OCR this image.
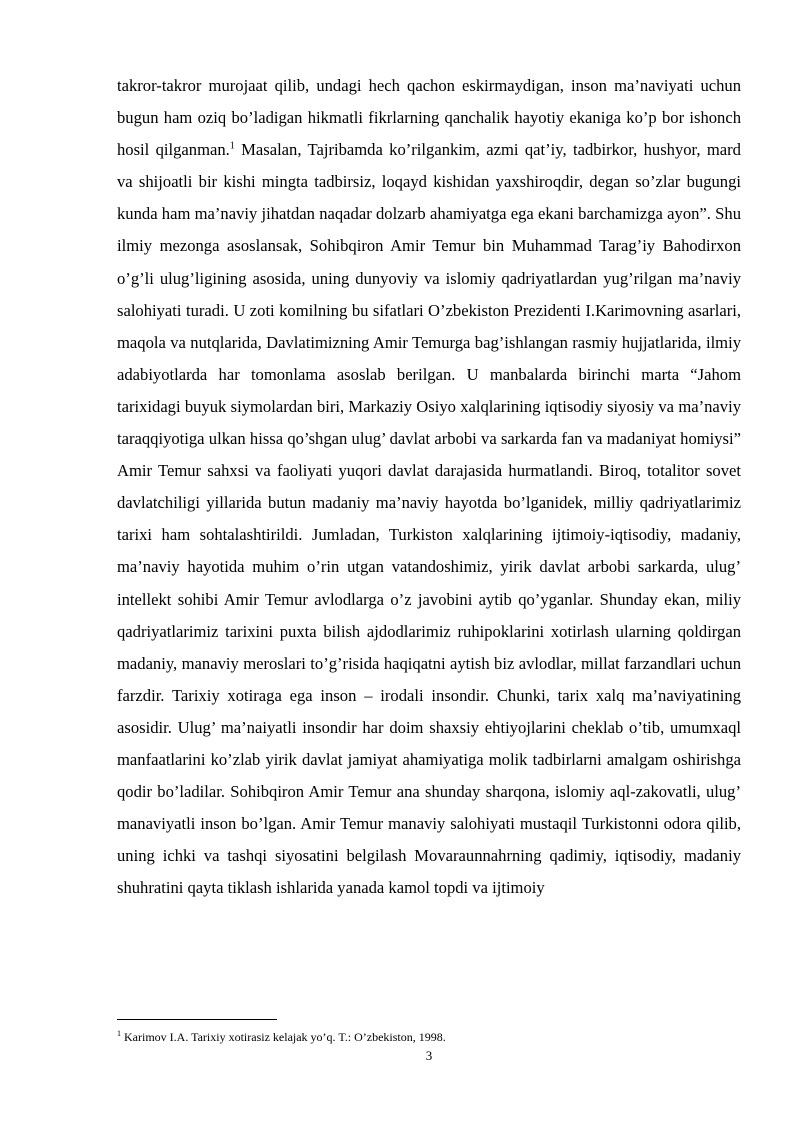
takror-takror murojaat qilib, undagi hech qachon eskirmaydigan, inson ma’naviyati uchun bugun ham oziq bo’ladigan hikmatli fikrlarning qanchalik hayotiy ekaniga ko’p bor ishonch hosil qilganman.$^1$ Masalan, Tajribamda ko’rilgankim, azmi qat’iy, tadbirkor, hushyor, mard va shijoatli bir kishi mingta tadbirsiz, loqayd kishidan yaxshiroqdir, degan so’zlar bugungi kunda ham ma’naviy jihatdan naqadar dolzarb ahamiyatga ega ekani barchamizga ayon”. Shu ilmiy mezonga asoslansak, Sohibqiron Amir Temur bin Muhammad Tarag’iy Bahodirxon o’g’li ulug’ligining asosida, uning dunyoviy va islomiy qadriyatlardan yug’rilgan ma’naviy salohiyati turadi. U zoti komilning bu sifatlari O’zbekiston Prezidenti I.Karimovning asarlari, maqola va nutqlarida, Davlatimizning Amir Temurga bag’ishlangan rasmiy hujjatlarida, ilmiy adabiyotlarda har tomonlama asoslab berilgan. U manbalarda birinchi marta “Jahom tarixidagi buyuk siymolardan biri, Markaziy Osiyo xalqlarining iqtisodiy siyosiy va ma’naviy taraqqiyotiga ulkan hissa qo’shgan ulug’ davlat arbobi va sarkarda fan va madaniyat homiysi” Amir Temur sahxsi va faoliyati yuqori davlat darajasida hurmatlandi. Biroq, totalitor sovet davlatchiligi yillarida butun madaniy ma’naviy hayotda bo’lganidek, milliy qadriyatlarimiz tarixi ham sohtalashtirildi. Jumladan, Turkiston xalqlarining ijtimoiy-iqtisodiy, madaniy, ma’naviy hayotida muhim o’rin utgan vatandoshimiz, yirik davlat arbobi sarkarda, ulug’ intellekt sohibi Amir Temur avlodlarga o’z javobini aytib qo’yganlar. Shunday ekan, miliy qadriyatlarimiz tarixini puxta bilish ajdodlarimiz ruhipoklarini xotirlash ularning qoldirgan madaniy, manaviy meroslari to’g’risida haqiqatni aytish biz avlodlar, millat farzandlari uchun farzdir. Tarixiy xotiraga ega inson – irodali insondir. Chunki, tarix xalq ma’naviyatining asosidir. Ulug’ ma’naiyatli insondir har doim shaxsiy ehtiyojlarini cheklab o’tib, umumxaql manfaatlarini ko’zlab yirik davlat jamiyat ahamiyatiga molik tadbirlarni amalgam oshirishga qodir bo’ladilar. Sohibqiron Amir Temur ana shunday sharqona, islomiy aql-zakovatli, ulug’ manaviyatli inson bo’lgan. Amir Temur manaviy salohiyati mustaqil Turkistonni odora qilib, uning ichki va tashqi siyosatini belgilash Movaraunnahrning qadimiy, iqtisodiy, madaniy shuhratini qayta tiklash ishlarida yanada kamol topdi va ijtimoiy

$^1$ Karimov I.A. Tarixiy xotirasiz kelajak yo’q. T.: O’zbekiston, 1998.

3
